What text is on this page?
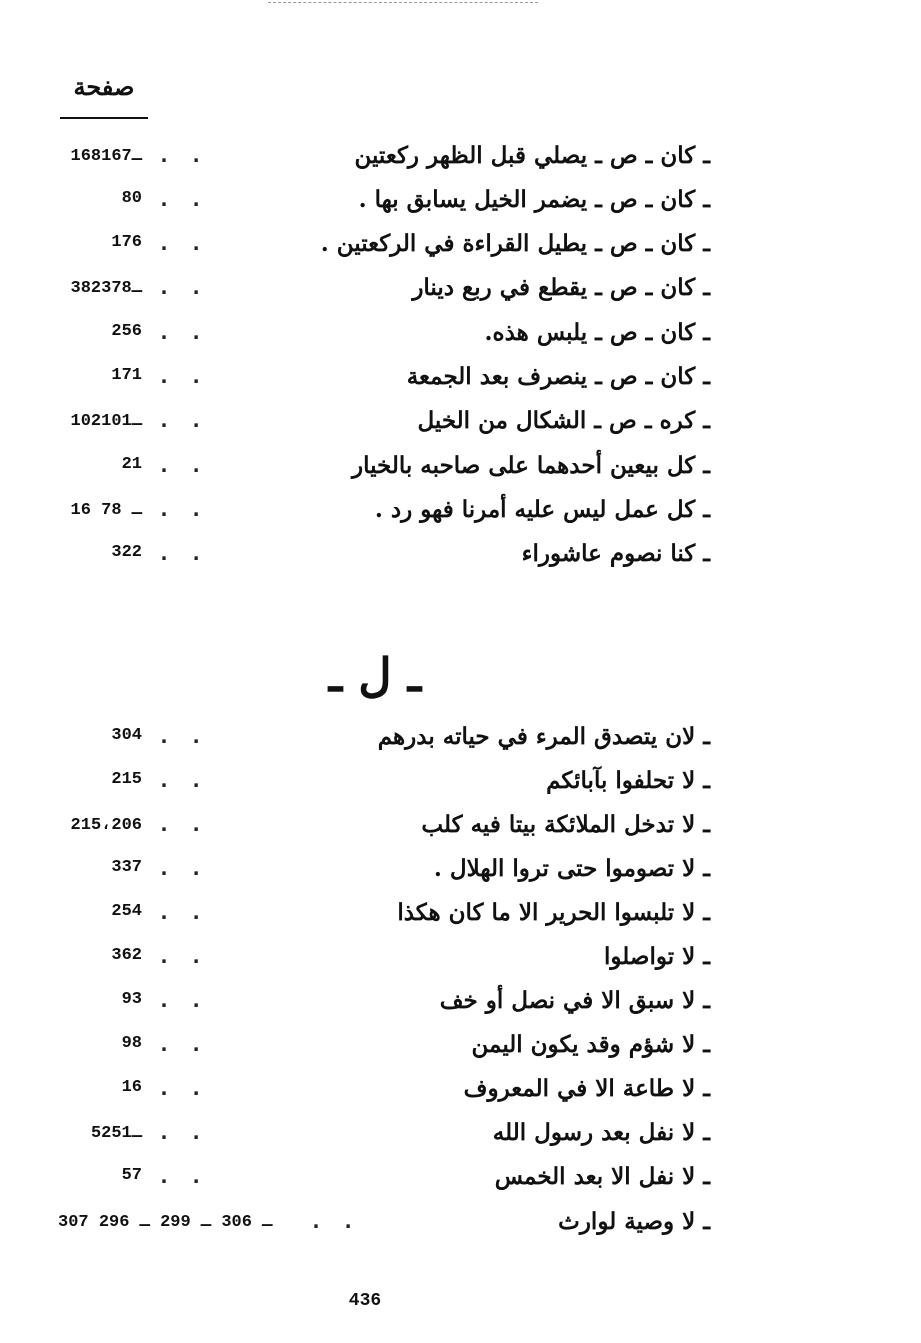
صفحة
ـ كان ـ ص ـ يصلي قبل الظهر ركعتين
. .
168ـ167
ـ كان ـ ص ـ يضمر الخيل يسابق بها .
. .
80
ـ كان ـ ص ـ يطيل القراءة في الركعتين .
. .
176
ـ كان ـ ص ـ يقطع في ربع دينار
. .
382ـ378
ـ كان ـ ص ـ يلبس هذه.
. .
256
ـ كان ـ ص ـ ينصرف بعد الجمعة
. .
171
ـ كره ـ ص ـ الشكال من الخيل
. .
102ـ101
ـ كل بيعين أحدهما على صاحبه بالخيار
. .
21
ـ كل عمل ليس عليه أمرنا فهو رد .
. .
16 ـ 78
ـ كنا نصوم عاشوراء
. .
322
ـ ل ـ
ـ لان يتصدق المرء في حياته بدرهم
. .
304
ـ لا تحلفوا بآبائكم
. .
215
ـ لا تدخل الملائكة بيتا فيه كلب
. .
215،206
ـ لا تصوموا حتى تروا الهلال .
. .
337
ـ لا تلبسوا الحرير الا ما كان هكذا
. .
254
ـ لا تواصلوا
. .
362
ـ لا سبق الا في نصل أو خف
. .
93
ـ لا شؤم وقد يكون اليمن
. .
98
ـ لا طاعة الا في المعروف
. .
16
ـ لا نفل بعد رسول الله
. .
52ـ51
ـ لا نفل الا بعد الخمس
. .
57
ـ لا وصية لوارث
. .
307 ـ 306 ـ 299 ـ 296
436
